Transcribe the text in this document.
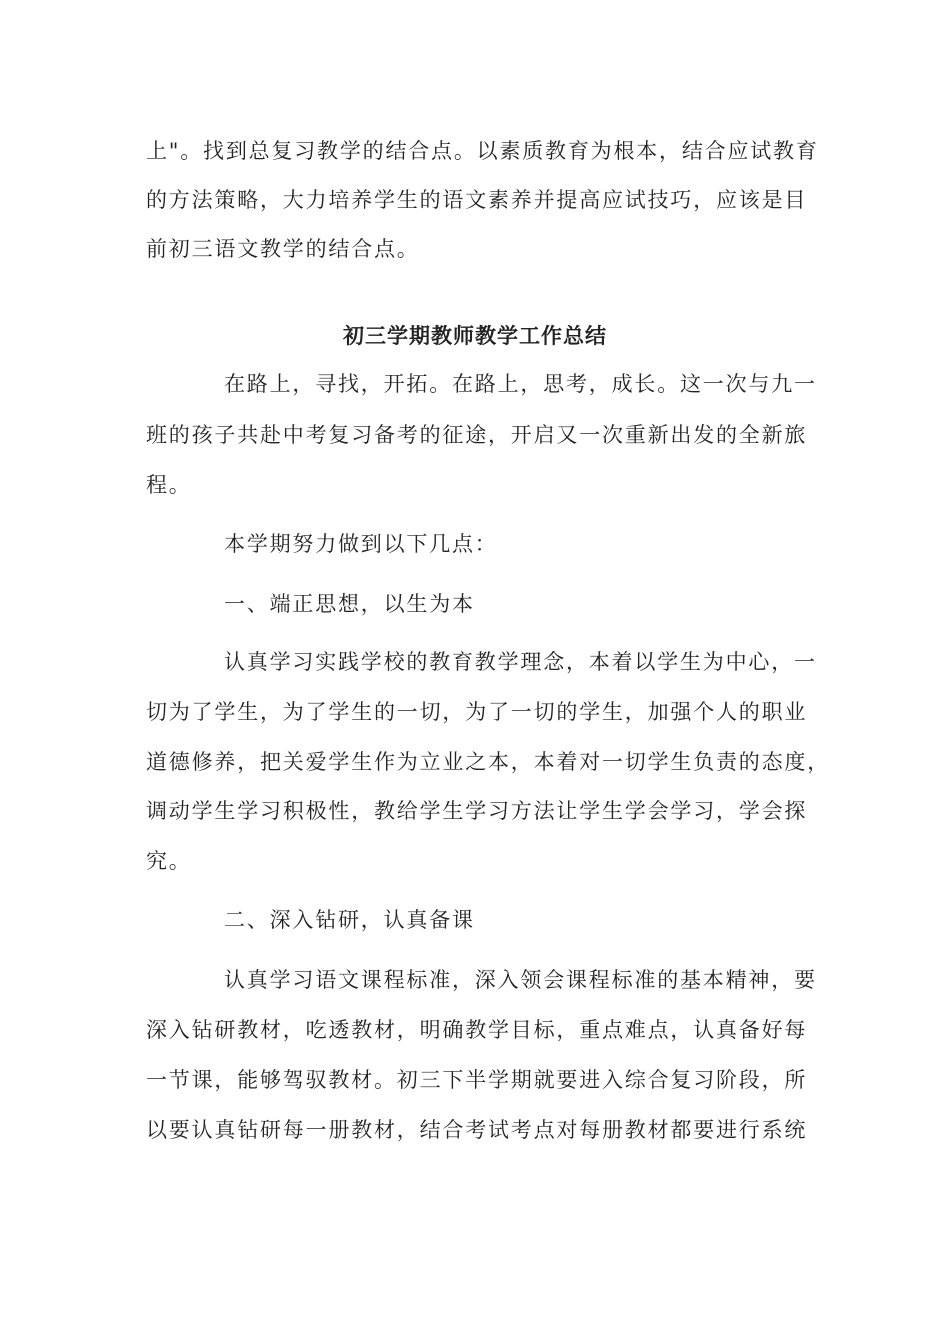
上"。找到总复习教学的结合点。以素质教育为根本，结合应试教育
的方法策略，大力培养学生的语文素养并提高应试技巧，应该是目
前初三语文教学的结合点。
初三学期教师教学工作总结
在路上，寻找，开拓。在路上，思考，成长。这一次与九一
班的孩子共赴中考复习备考的征途，开启又一次重新出发的全新旅
程。
本学期努力做到以下几点：
一、端正思想，以生为本
认真学习实践学校的教育教学理念，本着以学生为中心，一
切为了学生，为了学生的一切，为了一切的学生，加强个人的职业
道德修养，把关爱学生作为立业之本，本着对一切学生负责的态度，
调动学生学习积极性，教给学生学习方法让学生学会学习，学会探
究。
二、深入钻研，认真备课
认真学习语文课程标准，深入领会课程标准的基本精神，要
深入钻研教材，吃透教材，明确教学目标，重点难点，认真备好每
一节课，能够驾驭教材。初三下半学期就要进入综合复习阶段，所
以要认真钻研每一册教材，结合考试考点对每册教材都要进行系统
